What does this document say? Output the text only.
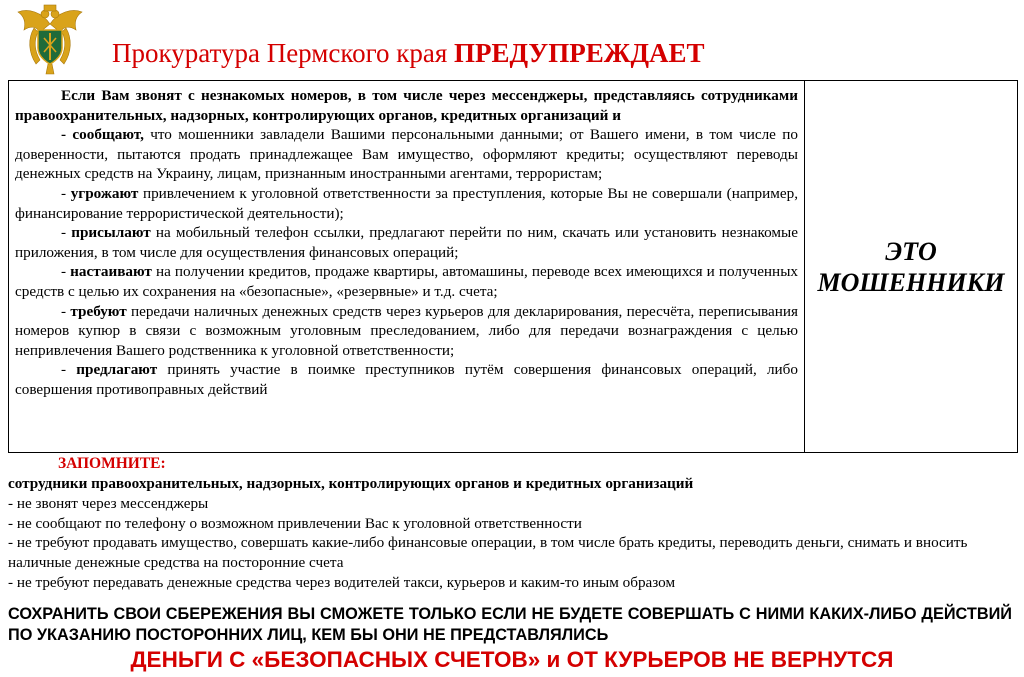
Прокуратура Пермского края ПРЕДУПРЕЖДАЕТ

Если Вам звонят с незнакомых номеров, в том числе через мессенджеры, представляясь сотрудниками правоохранительных, надзорных, контролирующих органов, кредитных организаций и

- сообщают, что мошенники завладели Вашими персональными данными; от Вашего имени, в том числе по доверенности, пытаются продать принадлежащее Вам имущество, оформляют кредиты; осуществляют переводы денежных средств на Украину, лицам, признанным иностранными агентами, террористам;

- угрожают привлечением к уголовной ответственности за преступления, которые Вы не совершали (например, финансирование террористической деятельности);

- присылают на мобильный телефон ссылки, предлагают перейти по ним, скачать или установить незнакомые приложения, в том числе для осуществления финансовых операций;

- настаивают на получении кредитов, продаже квартиры, автомашины, переводе всех имеющихся и полученных средств с целью их сохранения на «безопасные», «резервные» и т.д. счета;

- требуют передачи наличных денежных средств через курьеров для декларирования, пересчёта, переписывания номеров купюр в связи с возможным уголовным преследованием, либо для передачи вознаграждения с целью непривлечения Вашего родственника к уголовной ответственности;

- предлагают принять участие в поимке преступников путём совершения финансовых операций, либо совершения противоправных действий

ЭТО
МОШЕННИКИ
ЗАПОМНИТЕ:
сотрудники правоохранительных, надзорных, контролирующих органов и кредитных организаций
- не звонят через мессенджеры
- не сообщают по телефону о возможном привлечении Вас к уголовной ответственности
- не требуют продавать имущество, совершать какие-либо финансовые операции, в том числе брать кредиты, переводить деньги, снимать и вносить наличные денежные средства на посторонние счета
- не требуют передавать денежные средства через водителей такси, курьеров и каким-то иным образом
СОХРАНИТЬ СВОИ СБЕРЕЖЕНИЯ ВЫ СМОЖЕТЕ ТОЛЬКО ЕСЛИ НЕ БУДЕТЕ СОВЕРШАТЬ С НИМИ КАКИХ-ЛИБО ДЕЙСТВИЙ ПО УКАЗАНИЮ ПОСТОРОННИХ ЛИЦ, КЕМ БЫ ОНИ НЕ ПРЕДСТАВЛЯЛИСЬ
ДЕНЬГИ С «БЕЗОПАСНЫХ СЧЕТОВ» и ОТ КУРЬЕРОВ НЕ ВЕРНУТСЯ
